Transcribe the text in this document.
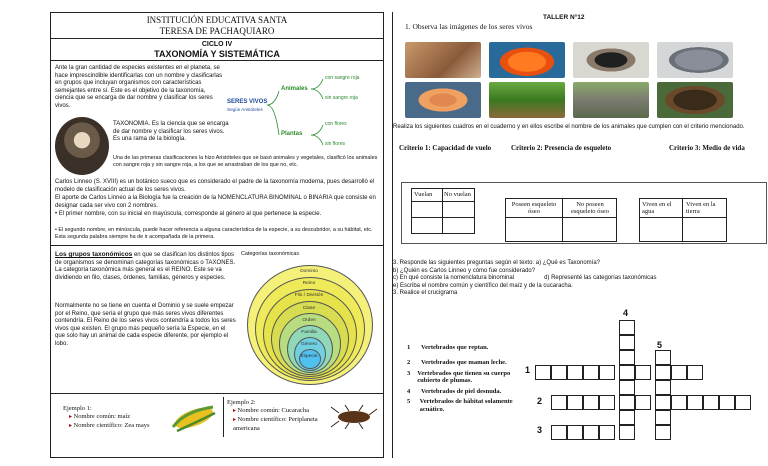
INSTITUCIÓN EDUCATIVA SANTA
TERESA DE PACHAQUIARO
CICLO IV
TAXONOMÍA Y SISTEMÁTICA
Ante la gran cantidad de especies existentes en el planeta, se hace imprescindible identificarlas con un nombre y clasificarlas en grupos que incluyan organismos con características semejantes entre sí. Este es el objetivo de la taxonomía, ciencia que se encarga de dar nombre y clasificar los seres vivos.
SERES VIVOS
Según Aristóteles
Animales
con sangre roja
sin sangre roja
Plantas
con flores
sin flores
TAXONOMIA. Es la ciencia que se encarga de dar nombre y clasificar los seres vivos. Es una rama de la biología.
Una de las primeras clasificaciones la hizo Aristóteles que se basó animales y vegetales, clasificó los animales con sangre roja y sin sangre roja, a los que se arrastraban de los que no, etc.
Carlos Linneo (S. XVIII) es un botánico sueco que es considerado el padre de la taxonomía moderna, pues desarrolló el modelo de clasificación actual de los seres vivos.
El aporte de Carlos Linneo a la Biología fue la creación de la NOMENCLATURA BINOMINAL o BINARIA que consiste en designar cada ser vivo con 2 nombres.
• El primer nombre, con su inicial en mayúscula, corresponde al género al que pertenece la especie.
• El segundo nombre, en minúscula, puede hacer referencia a alguna característica de la especie, a su descubridor, a su hábitat, etc. Esta segunda palabra siempre ha de ir acompañada de la primera.
Los grupos taxonómicos en que se clasifican los distintos tipos de organismos se denominan categorías taxonómicas o TAXONES. La categoría taxonómica más general es el REINO. Este se va dividiendo en filo, clases, órdenes, familias, géneros y especies.
Normalmente no se tiene en cuenta el Dominio y se suele empezar por el Reino, que sería el grupo que más seres vivos diferentes contendría. El Reino de los seres vivos contendría a todos los seres vivos que existen. El grupo más pequeño sería la Especie, en el que solo hay un animal de cada especie diferente, por ejemplo el lobo.
Categorías taxonómicas
Dominio
Reino
Filo / División
Clase
Orden
Familia
Género
Especie
Ejemplo 1:
▸ Nombre común: maíz
▸ Nombre científico: Zea mays
Ejemplo 2:
▸ Nombre común: Cucaracha
▸ Nombre científico: Periplaneta americana
TALLER N°12
1. Observa las imágenes de los seres vivos
Realiza los siguientes cuadros en el cuaderno y en ellos escribe el nombre de los animales que cumplen con el criterio mencionado.
Criterio 1: Capacidad de vuelo	Criterio 2: Presencia de esqueleto	Criterio 3: Medio de vida
Vuelan No vuelan
Poseen esqueleto óseo
No poseen esqueleto óseo
Viven en el agua
Viven en la tierra
3. Responde las siguientes preguntas según el texto: a) ¿Qué es Taxonomía?
b) ¿Quién es Carlos Linneo y cómo fue considerado?
c) En qué consiste la nomenclatura binominal	d) Representé las categorías taxonómicas
e) Escriba el nombre común y científico del maíz y de la cucaracha.
3. Realice el crucigrama
1	Vertebrados que reptan.
2	Vertebrados que maman leche.
3	Vertebrados que tienen su cuerpo cubierto de plumas.
4	Vertebrados de piel desnuda.
5	Vertebrados de hábitat solamente acuático.
4
5
1
2
3
